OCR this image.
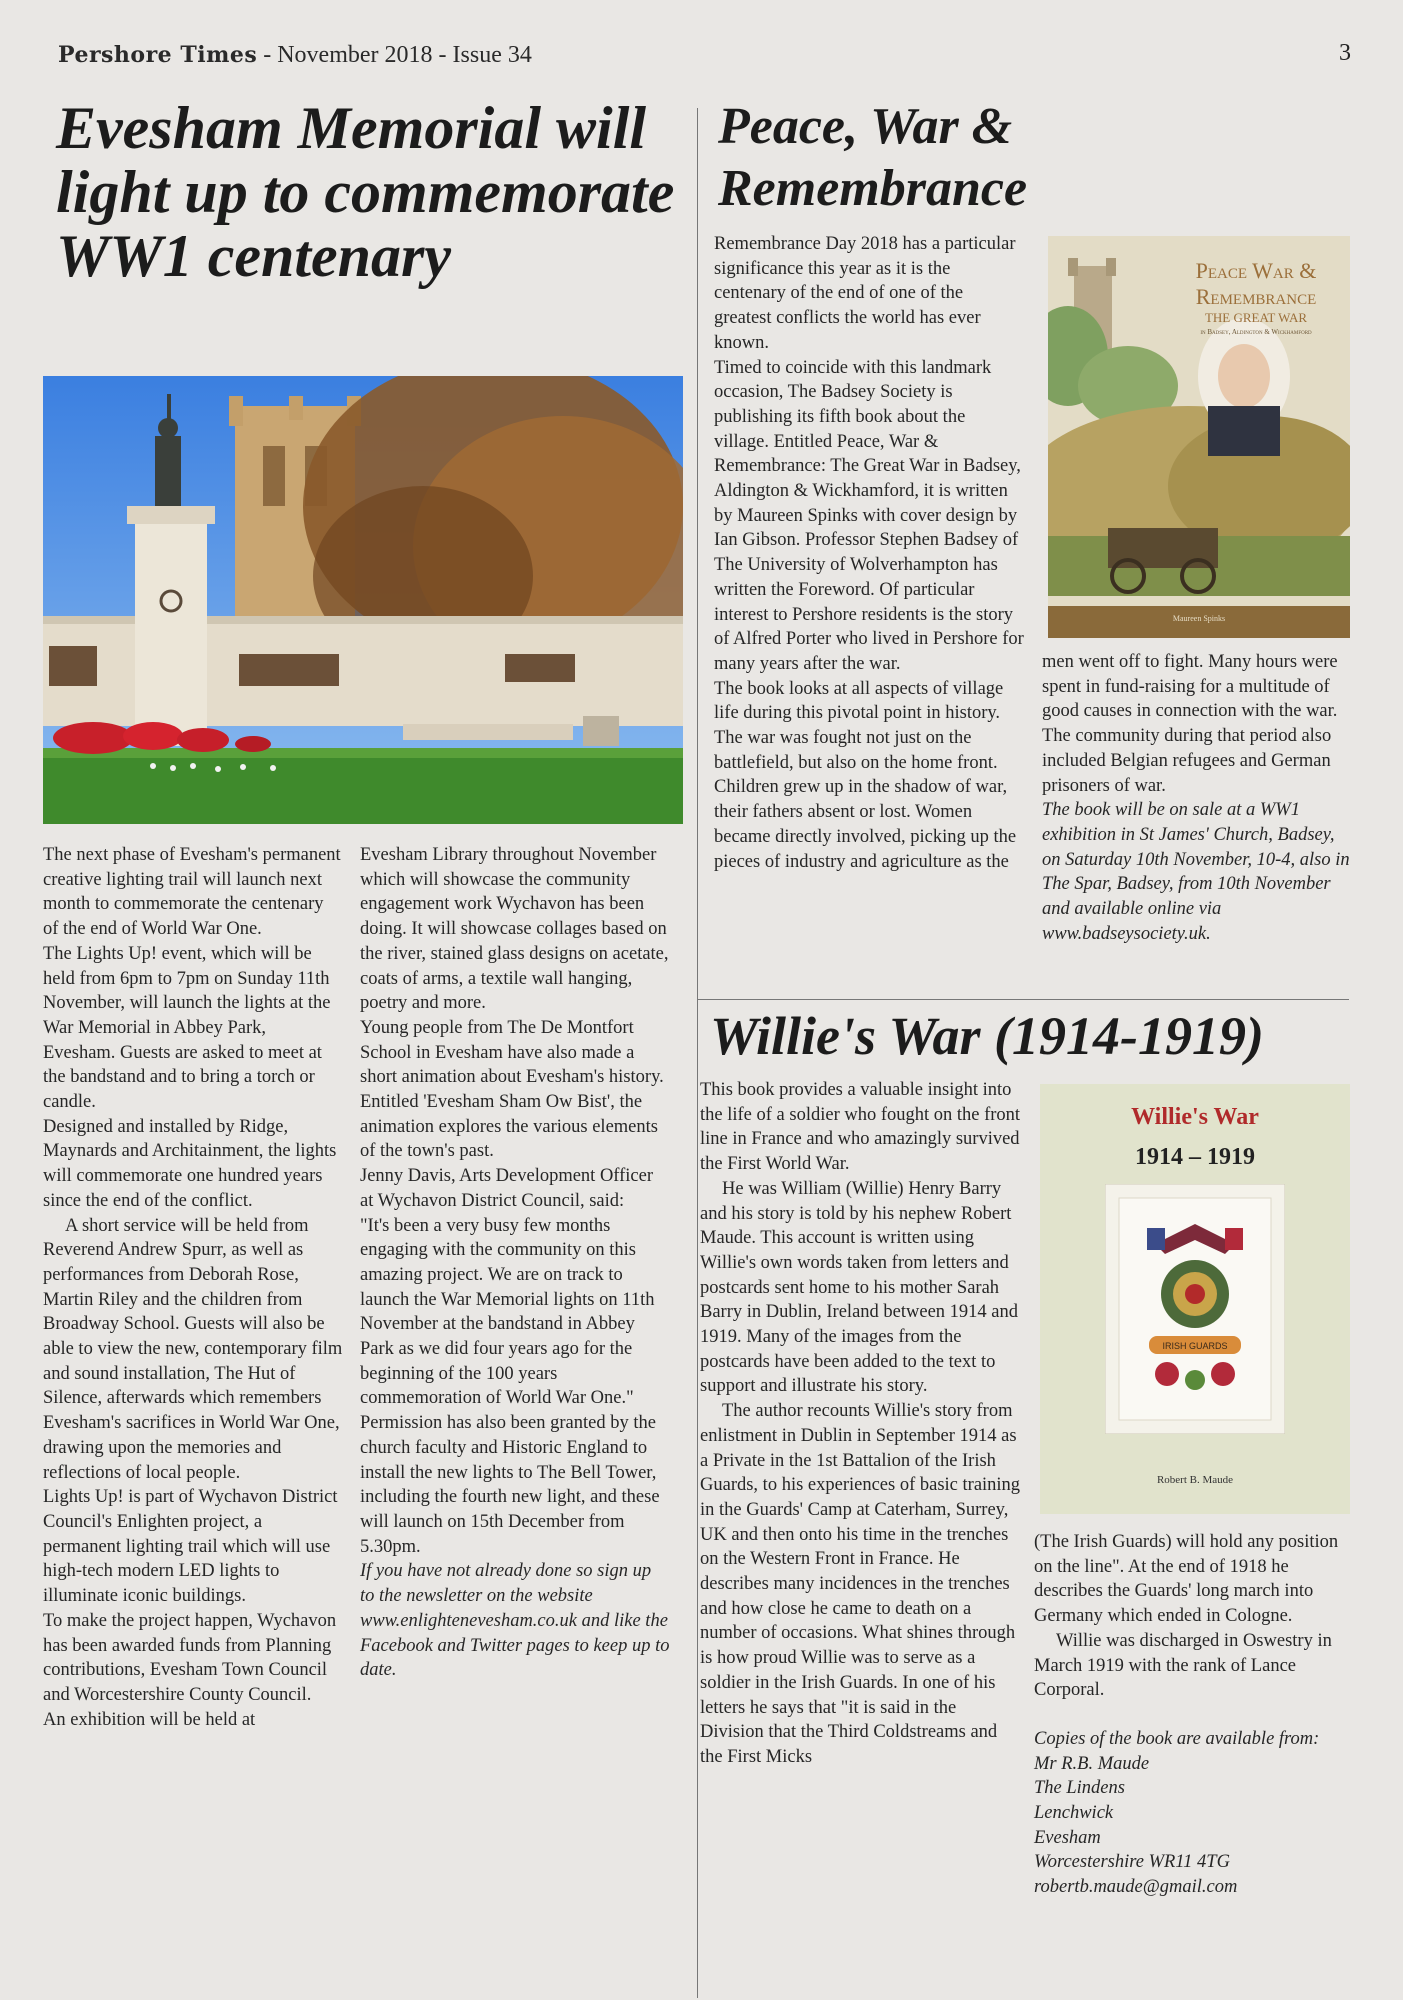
Pershore Times - November 2018 - Issue 34	3
Evesham Memorial will light up to commemorate WW1 centenary

The next phase of Evesham's permanent creative lighting trail will launch next month to commemorate the centenary of the end of World War One.

The Lights Up! event, which will be held from 6pm to 7pm on Sunday 11th November, will launch the lights at the War Memorial in Abbey Park, Evesham. Guests are asked to meet at the bandstand and to bring a torch or candle.

Designed and installed by Ridge, Maynards and Architainment, the lights will commemorate one hundred years since the end of the conflict.

A short service will be held from Reverend Andrew Spurr, as well as performances from Deborah Rose, Martin Riley and the children from Broadway School. Guests will also be able to view the new, contemporary film and sound installation, The Hut of Silence, afterwards which remembers Evesham's sacrifices in World War One, drawing upon the memories and reflections of local people.

Lights Up! is part of Wychavon District Council's Enlighten project, a permanent lighting trail which will use high-tech modern LED lights to illuminate iconic buildings.

To make the project happen, Wychavon has been awarded funds from Planning contributions, Evesham Town Council and Worcestershire County Council.

An exhibition will be held at

Evesham Library throughout November which will showcase the community engagement work Wychavon has been doing. It will showcase collages based on the river, stained glass designs on acetate, coats of arms, a textile wall hanging, poetry and more.

Young people from The De Montfort School in Evesham have also made a short animation about Evesham's history. Entitled 'Evesham Sham Ow Bist', the animation explores the various elements of the town's past.

Jenny Davis, Arts Development Officer at Wychavon District Council, said:

"It's been a very busy few months engaging with the community on this amazing project. We are on track to launch the War Memorial lights on 11th November at the bandstand in Abbey Park as we did four years ago for the beginning of the 100 years commemoration of World War One."

Permission has also been granted by the church faculty and Historic England to install the new lights to The Bell Tower, including the fourth new light, and these will launch on 15th December from 5.30pm.

If you have not already done so sign up to the newsletter on the website www.enlightenevesham.co.uk and like the Facebook and Twitter pages to keep up to date.

Peace, War & Remembrance

Remembrance Day 2018 has a particular significance this year as it is the centenary of the end of one of the greatest conflicts the world has ever known.

Timed to coincide with this landmark occasion, The Badsey Society is publishing its fifth book about the village. Entitled Peace, War & Remembrance: The Great War in Badsey, Aldington & Wickhamford, it is written by Maureen Spinks with cover design by Ian Gibson. Professor Stephen Badsey of The University of Wolverhampton has written the Foreword. Of particular interest to Pershore residents is the story of Alfred Porter who lived in Pershore for many years after the war.

The book looks at all aspects of village life during this pivotal point in history. The war was fought not just on the battlefield, but also on the home front. Children grew up in the shadow of war, their fathers absent or lost. Women became directly involved, picking up the pieces of industry and agriculture as the

Peace War &
Remembrance
THE GREAT WAR
in Badsey, Aldington & Wickhamford
Maureen Spinks

men went off to fight. Many hours were spent in fund-raising for a multitude of good causes in connection with the war. The community during that period also included Belgian refugees and German prisoners of war.

The book will be on sale at a WW1 exhibition in St James' Church, Badsey, on Saturday 10th November, 10-4, also in The Spar, Badsey, from 10th November and available online via www.badseysociety.uk.

Willie's War (1914-1919)

This book provides a valuable insight into the life of a soldier who fought on the front line in France and who amazingly survived the First World War.

He was William (Willie) Henry Barry and his story is told by his nephew Robert Maude. This account is written using Willie's own words taken from letters and postcards sent home to his mother Sarah Barry in Dublin, Ireland between 1914 and 1919. Many of the images from the postcards have been added to the text to support and illustrate his story.

The author recounts Willie's story from enlistment in Dublin in September 1914 as a Private in the 1st Battalion of the Irish Guards, to his experiences of basic training in the Guards' Camp at Caterham, Surrey, UK and then onto his time in the trenches on the Western Front in France. He describes many incidences in the trenches and how close he came to death on a number of occasions. What shines through is how proud Willie was to serve as a soldier in the Irish Guards. In one of his letters he says that "it is said in the Division that the Third Coldstreams and the First Micks

Willie's War
1914 – 1919
IRISH GUARDS
Robert B. Maude

(The Irish Guards) will hold any position on the line". At the end of 1918 he describes the Guards' long march into Germany which ended in Cologne.

Willie was discharged in Oswestry in March 1919 with the rank of Lance Corporal.

Copies of the book are available from:

Mr R.B. Maude

The Lindens

Lenchwick

Evesham

Worcestershire WR11 4TG

robertb.maude@gmail.com
